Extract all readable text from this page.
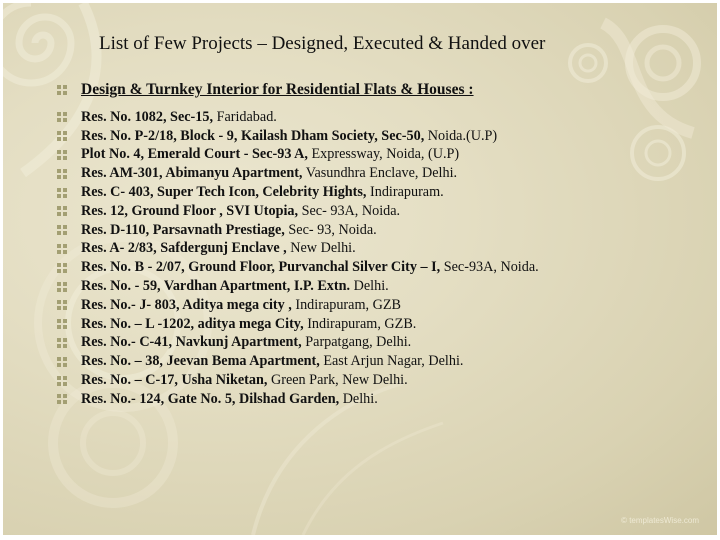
List of Few Projects – Designed, Executed & Handed over
Design & Turnkey Interior for Residential Flats & Houses :
Res. No. 1082, Sec-15, Faridabad.
Res. No. P-2/18, Block - 9, Kailash Dham Society, Sec-50, Noida.(U.P)
Plot No. 4, Emerald Court - Sec-93 A, Expressway, Noida, (U.P)
Res. AM-301, Abimanyu Apartment, Vasundhra Enclave, Delhi.
Res. C- 403, Super Tech Icon, Celebrity Hights, Indirapuram.
Res. 12, Ground Floor , SVI Utopia, Sec- 93A, Noida.
Res. D-110, Parsavnath Prestiage, Sec- 93, Noida.
Res. A- 2/83, Safdergunj Enclave , New Delhi.
Res. No. B - 2/07, Ground Floor, Purvanchal Silver City – I, Sec-93A, Noida.
Res. No. - 59, Vardhan Apartment, I.P. Extn. Delhi.
Res. No.- J- 803, Aditya mega city , Indirapuram, GZB
Res. No. – L -1202, aditya mega City, Indirapuram, GZB.
Res. No.- C-41, Navkunj Apartment, Parpatgang, Delhi.
Res. No. – 38, Jeevan Bema Apartment, East Arjun Nagar, Delhi.
Res. No. – C-17, Usha Niketan, Green Park, New Delhi.
Res. No.- 124, Gate No. 5, Dilshad Garden, Delhi.
© templatesWise.com
